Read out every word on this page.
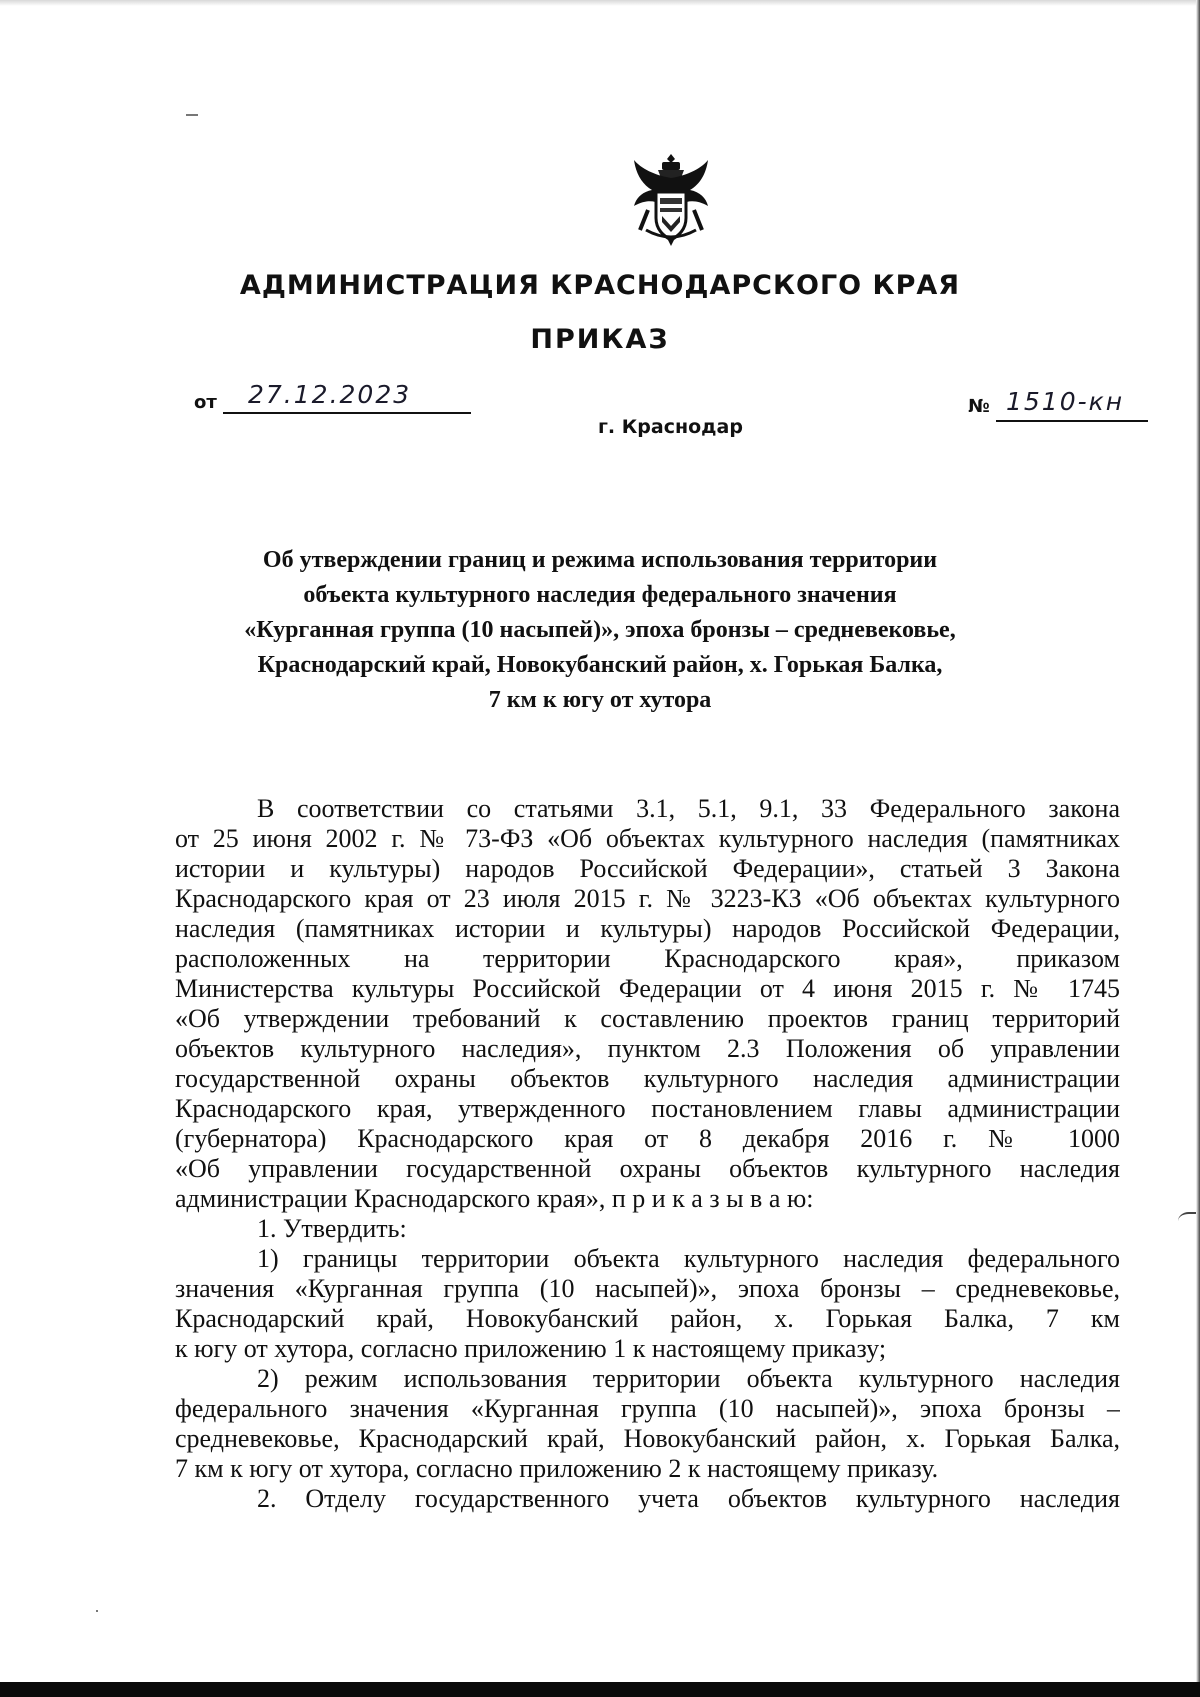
АДМИНИСТРАЦИЯ КРАСНОДАРСКОГО КРАЯ
ПРИКАЗ
от 27.12.2023	№ 1510-кн
г. Краснодар
Об утверждении границ и режима использования территории
объекта культурного наследия федерального значения
«Курганная группа (10 насыпей)», эпоха бронзы – средневековье,
Краснодарский край, Новокубанский район, х. Горькая Балка,
7 км к югу от хутора
В соответствии со статьями 3.1, 5.1, 9.1, 33 Федерального закона
от 25 июня 2002 г. № 73-ФЗ «Об объектах культурного наследия (памятниках
истории и культуры) народов Российской Федерации», статьей 3 Закона
Краснодарского края от 23 июля 2015 г. № 3223-КЗ «Об объектах культурного
наследия (памятниках истории и культуры) народов Российской Федерации,
расположенных на территории Краснодарского края», приказом
Министерства культуры Российской Федерации от 4 июня 2015 г. № 1745
«Об утверждении требований к составлению проектов границ территорий
объектов культурного наследия», пунктом 2.3 Положения об управлении
государственной охраны объектов культурного наследия администрации
Краснодарского края, утвержденного постановлением главы администрации
(губернатора) Краснодарского края от 8 декабря 2016 г. № 1000
«Об управлении государственной охраны объектов культурного наследия
администрации Краснодарского края», п р и к а з ы в а ю:
1. Утвердить:
1) границы территории объекта культурного наследия федерального
значения «Курганная группа (10 насыпей)», эпоха бронзы – средневековье,
Краснодарский край, Новокубанский район, х. Горькая Балка, 7 км
к югу от хутора, согласно приложению 1 к настоящему приказу;
2) режим использования территории объекта культурного наследия
федерального значения «Курганная группа (10 насыпей)», эпоха бронзы –
средневековье, Краснодарский край, Новокубанский район, х. Горькая Балка,
7 км к югу от хутора, согласно приложению 2 к настоящему приказу.
2. Отделу государственного учета объектов культурного наследия
